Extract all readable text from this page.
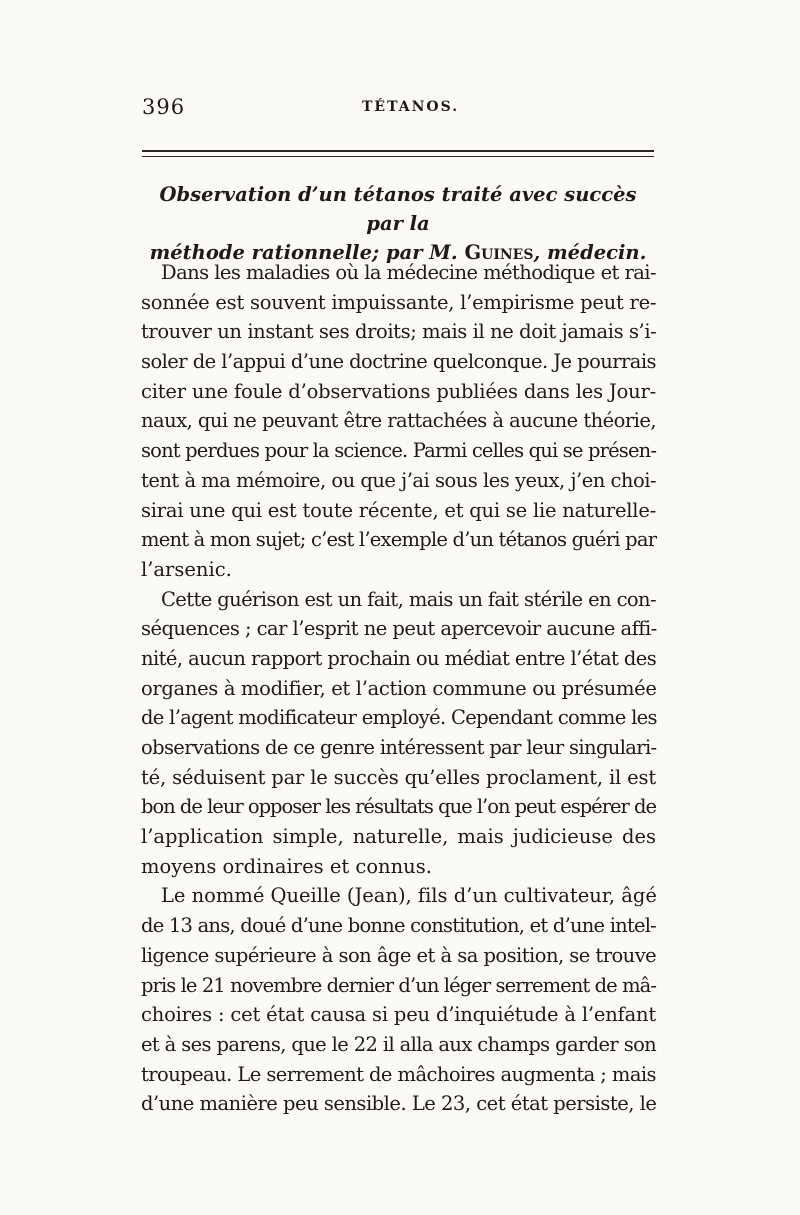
396	TÉTANOS.
Observation d’un tétanos traité avec succès par la
méthode rationnelle; par M. Guines, médecin.
Dans les maladies où la médecine méthodique et rai-
sonnée est souvent impuissante, l’empirisme peut re-
trouver un instant ses droits; mais il ne doit jamais s’i-
soler de l’appui d’une doctrine quelconque. Je pourrais
citer une foule d’observations publiées dans les Jour-
naux, qui ne peuvant être rattachées à aucune théorie,
sont perdues pour la science. Parmi celles qui se présen-
tent à ma mémoire, ou que j’ai sous les yeux, j’en choi-
sirai une qui est toute récente, et qui se lie naturelle-
ment à mon sujet; c’est l’exemple d’un tétanos guéri par
l’arsenic.
Cette guérison est un fait, mais un fait stérile en con-
séquences ; car l’esprit ne peut apercevoir aucune affi-
nité, aucun rapport prochain ou médiat entre l’état des
organes à modifier, et l’action commune ou présumée
de l’agent modificateur employé. Cependant comme les
observations de ce genre intéressent par leur singulari-
té, séduisent par le succès qu’elles proclament, il est
bon de leur opposer les résultats que l’on peut espérer de
l’application simple, naturelle, mais judicieuse des
moyens ordinaires et connus.
Le nommé Queille (Jean), fils d’un cultivateur, âgé
de 13 ans, doué d’une bonne constitution, et d’une intel-
ligence supérieure à son âge et à sa position, se trouve
pris le 21 novembre dernier d’un léger serrement de mâ-
choires : cet état causa si peu d’inquiétude à l’enfant
et à ses parens, que le 22 il alla aux champs garder son
troupeau. Le serrement de mâchoires augmenta ; mais
d’une manière peu sensible. Le 23, cet état persiste, le
